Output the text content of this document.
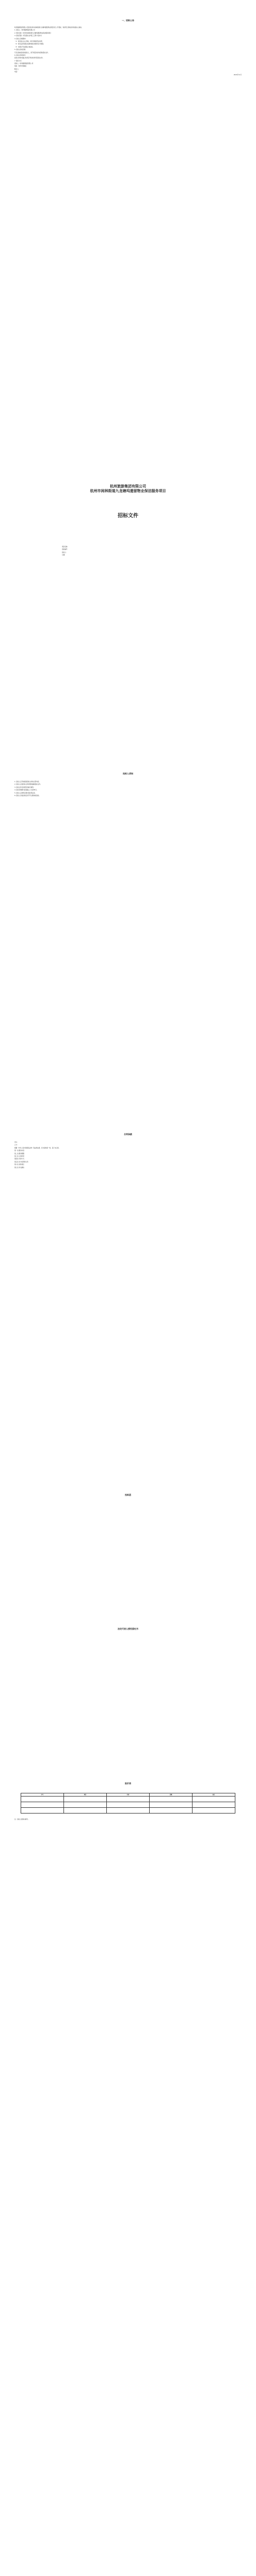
一、招标公告

杭州旅游集团有限公司拟对杭州市闲林街道九龙塘坞遗留物业项目进行公开招标，欢迎符合资格条件的投标人参加。

1. 招标人：杭州旅游集团有限公司

2. 项目名称：杭州市闲林街道九龙塘坞遗留物业保洁服务项目

3. 招标范围：详见招标文件第三章用户需求书

4. 投标人资格要求：

（1）具有独立法人资格，持有有效的营业执照；

（2）具有良好的商业信誉和健全的财务会计制度；

（3）本项目不接受联合体投标。

5. 招标文件的获取

凡有意参加投标的投标人，请于规定时间内获取招标文件。

6. 投标文件的递交

投标文件递交截止时间及开标时间详见招标文件。

7. 联系方式

招标人：杭州旅游集团有限公司

地址：杭州市西湖区

联系人：

电话：

2021年11月

杭州旅游集团有限公司
杭州市闲林街道九龙塘坞遗留物业保洁服务项目
招标文件

项目名称：

招标编号：

投标人：

日期：

投标人须知

1. 投标人应仔细阅读招标文件的全部内容。

2. 投标人应按招标文件的要求编制投标文件。

3. 投标文件应按规定的格式填写。

4. 投标有效期为投标截止之日起90日。

5. 投标人应按规定提交投标保证金。

6. 招标人有权拒绝任何不符合要求的投标。

合同条款

甲方：

乙方：

根据《中华人民共和国民法典》等法律法规，双方经协商一致，签订本合同。

第一条 服务内容

第二条 服务期限

第三条 合同价款

第四条 付款方式

第五条 双方权利和义务

第六条 违约责任

第七条 争议解决

投标函
法定代表人授权委托书
报价表
序号	项目	内容	金额	备注

注：投标人须如实填写。
